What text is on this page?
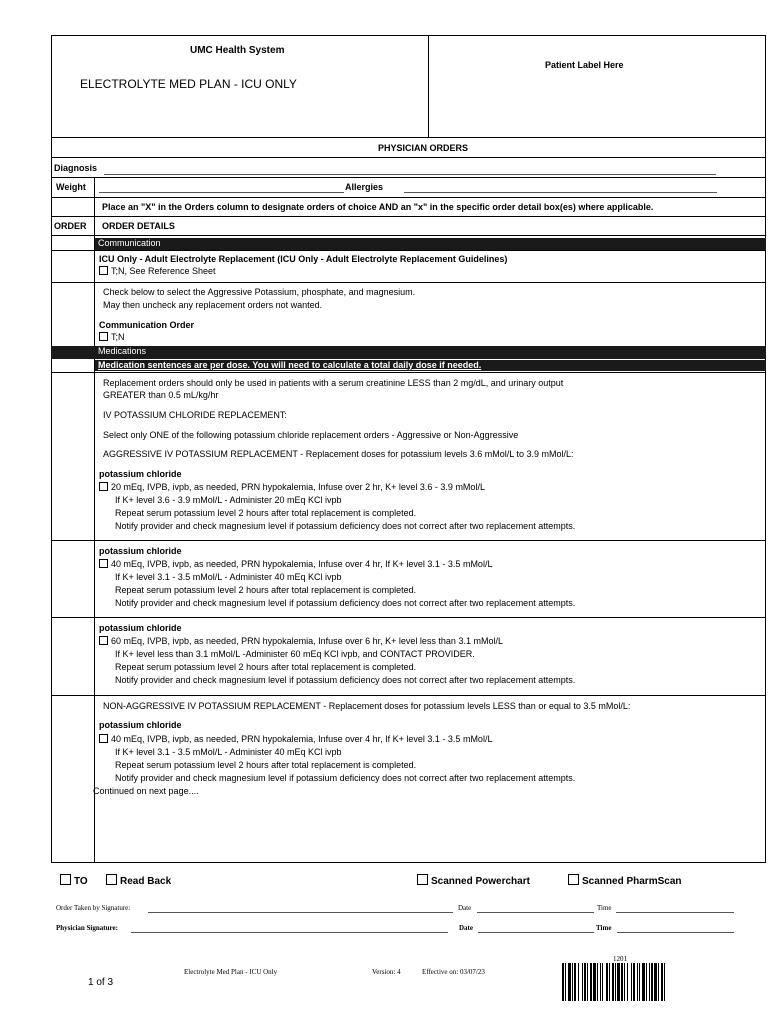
UMC Health System
ELECTROLYTE MED PLAN - ICU ONLY
Patient Label Here
PHYSICIAN ORDERS
Diagnosis
Weight	Allergies
Place an "X" in the Orders column to designate orders of choice AND an "x" in the specific order detail box(es) where applicable.
ORDER ORDER DETAILS
Communication
ICU Only - Adult Electrolyte Replacement (ICU Only - Adult Electrolyte Replacement Guidelines)
T;N, See Reference Sheet
Check below to select the Aggressive Potassium, phosphate, and magnesium.
May then uncheck any replacement orders not wanted.
Communication Order
T;N
Medications
Medication sentences are per dose. You will need to calculate a total daily dose if needed.
Replacement orders should only be used in patients with a serum creatinine LESS than 2 mg/dL, and urinary output
GREATER than 0.5 mL/kg/hr
IV POTASSIUM CHLORIDE REPLACEMENT:
Select only ONE of the following potassium chloride replacement orders - Aggressive or Non-Aggressive
AGGRESSIVE IV POTASSIUM REPLACEMENT - Replacement doses for potassium levels 3.6 mMol/L to 3.9 mMol/L:
potassium chloride
20 mEq, IVPB, ivpb, as needed, PRN hypokalemia, Infuse over 2 hr, K+ level 3.6 - 3.9 mMol/L
If K+ level 3.6 - 3.9 mMol/L - Administer 20 mEq KCl ivpb
Repeat serum potassium level 2 hours after total replacement is completed.
Notify provider and check magnesium level if potassium deficiency does not correct after two replacement attempts.
potassium chloride
40 mEq, IVPB, ivpb, as needed, PRN hypokalemia, Infuse over 4 hr, If K+ level 3.1 - 3.5 mMol/L
If K+ level 3.1 - 3.5 mMol/L - Administer 40 mEq KCl ivpb
Repeat serum potassium level 2 hours after total replacement is completed.
Notify provider and check magnesium level if potassium deficiency does not correct after two replacement attempts.
potassium chloride
60 mEq, IVPB, ivpb, as needed, PRN hypokalemia, Infuse over 6 hr, K+ level less than 3.1 mMol/L
If K+ level less than 3.1 mMol/L -Administer 60 mEq KCl ivpb, and CONTACT PROVIDER.
Repeat serum potassium level 2 hours after total replacement is completed.
Notify provider and check magnesium level if potassium deficiency does not correct after two replacement attempts.
NON-AGGRESSIVE IV POTASSIUM REPLACEMENT - Replacement doses for potassium levels LESS than or equal to 3.5 mMol/L:
potassium chloride
40 mEq, IVPB, ivpb, as needed, PRN hypokalemia, Infuse over 4 hr, If K+ level 3.1 - 3.5 mMol/L
If K+ level 3.1 - 3.5 mMol/L - Administer 40 mEq KCl ivpb
Repeat serum potassium level 2 hours after total replacement is completed.
Notify provider and check magnesium level if potassium deficiency does not correct after two replacement attempts.
Continued on next page....
TO	Read Back	Scanned Powerchart	Scanned PharmScan
Order Taken by Signature:	Date	Time
Physician Signature:	Date	Time
Electrolyte Med Plan - ICU Only	Version: 4	Effective on: 03/07/23
1 of 3
1201
